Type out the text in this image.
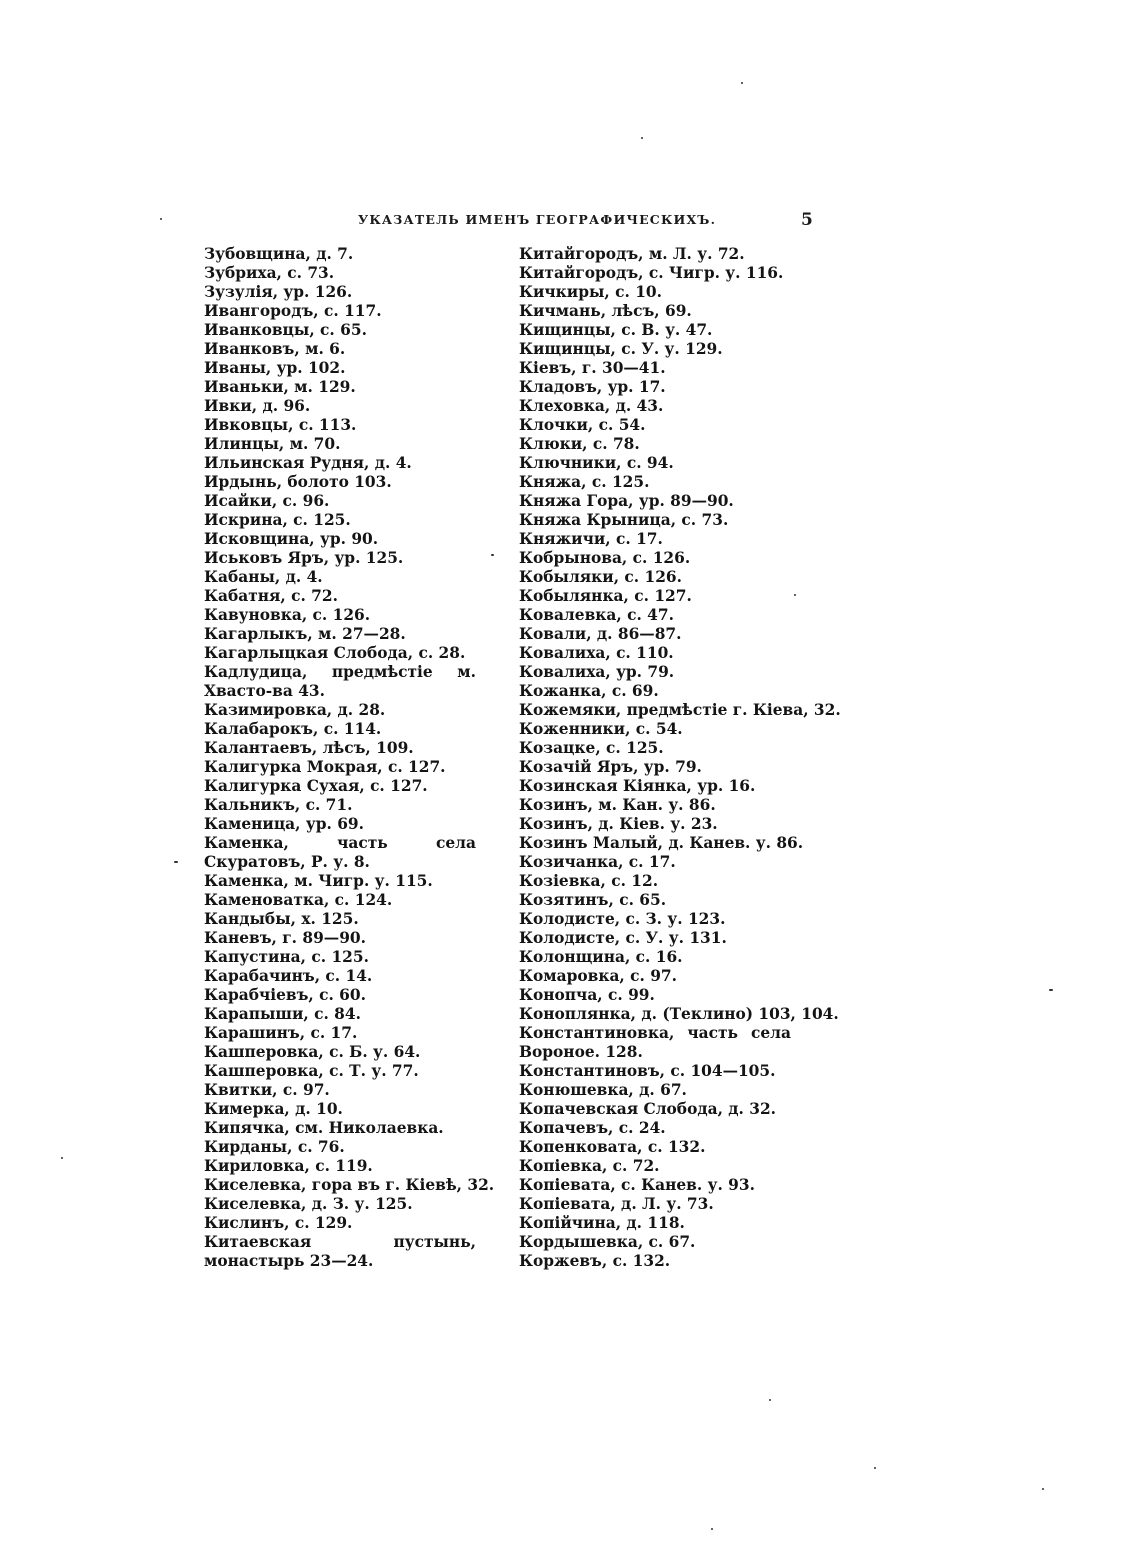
УКАЗАТЕЛЬ ИМЕНЪ ГЕОГРАФИЧЕСКИХЪ.	5
Зубовщина, д. 7.
Зубриха, с. 73.
Зузулія, ур. 126.
Ивангородъ, с. 117.
Иванковцы, с. 65.
Иванковъ, м. 6.
Иваны, ур. 102.
Иваньки, м. 129.
Ивки, д. 96.
Ивковцы, с. 113.
Илинцы, м. 70.
Ильинская Рудня, д. 4.
Ирдынь, болото 103.
Исайки, с. 96.
Искрина, с. 125.
Исковщина, ур. 90.
Иськовъ Яръ, ур. 125.
Кабаны, д. 4.
Кабатня, с. 72.
Кавуновка, с. 126.
Кагарлыкъ, м. 27—28.
Кагарлыцкая Слобода, с. 28.
Кадлудица, предмѣстіе м. Хвасто-ва 43.
Казимировка, д. 28.
Калабарокъ, с. 114.
Калантаевъ, лѣсъ, 109.
Калигурка Мокрая, с. 127.
Калигурка Сухая, с. 127.
Кальникъ, с. 71.
Каменица, ур. 69.
Каменка, часть села Скуратовъ, Р. у. 8.
Каменка, м. Чигр. у. 115.
Каменоватка, с. 124.
Кандыбы, х. 125.
Каневъ, г. 89—90.
Капустина, с. 125.
Карабачинъ, с. 14.
Карабчіевъ, с. 60.
Карапыши, с. 84.
Карашинъ, с. 17.
Кашперовка, с. Б. у. 64.
Кашперовка, с. Т. у. 77.
Квитки, с. 97.
Кимерка, д. 10.
Кипячка, см. Николаевка.
Кирданы, с. 76.
Кириловка, с. 119.
Киселевка, гора въ г. Кіевѣ, 32.
Киселевка, д. З. у. 125.
Кислинъ, с. 129.
Китаевская пустынь, монастырь 23—24.
Китайгородъ, м. Л. у. 72.
Китайгородъ, с. Чигр. у. 116.
Кичкиры, с. 10.
Кичмань, лѣсъ, 69.
Кищинцы, с. В. у. 47.
Кищинцы, с. У. у. 129.
Кіевъ, г. 30—41.
Кладовъ, ур. 17.
Клеховка, д. 43.
Клочки, с. 54.
Клюки, с. 78.
Ключники, с. 94.
Княжа, с. 125.
Княжа Гора, ур. 89—90.
Княжа Крыница, с. 73.
Княжичи, с. 17.
Кобрынова, с. 126.
Кобыляки, с. 126.
Кобылянка, с. 127.
Ковалевка, с. 47.
Ковали, д. 86—87.
Ковалиха, с. 110.
Ковалиха, ур. 79.
Кожанка, с. 69.
Кожемяки, предмѣстіе г. Кіева, 32.
Коженники, с. 54.
Козацке, с. 125.
Козачій Яръ, ур. 79.
Козинская Кіянка, ур. 16.
Козинъ, м. Кан. у. 86.
Козинъ, д. Кіев. у. 23.
Козинъ Малый, д. Канев. у. 86.
Козичанка, с. 17.
Козіевка, с. 12.
Козятинъ, с. 65.
Колодисте, с. З. у. 123.
Колодисте, с. У. у. 131.
Колонщина, с. 16.
Комаровка, с. 97.
Конопча, с. 99.
Коноплянка, д. (Теклино) 103, 104.
Константиновка, часть села Вороное. 128.
Константиновъ, с. 104—105.
Конюшевка, д. 67.
Копачевская Слобода, д. 32.
Копачевъ, с. 24.
Копенковата, с. 132.
Копіевка, с. 72.
Копіевата, с. Канев. у. 93.
Копіевата, д. Л. у. 73.
Копійчина, д. 118.
Кордышевка, с. 67.
Коржевъ, с. 132.
